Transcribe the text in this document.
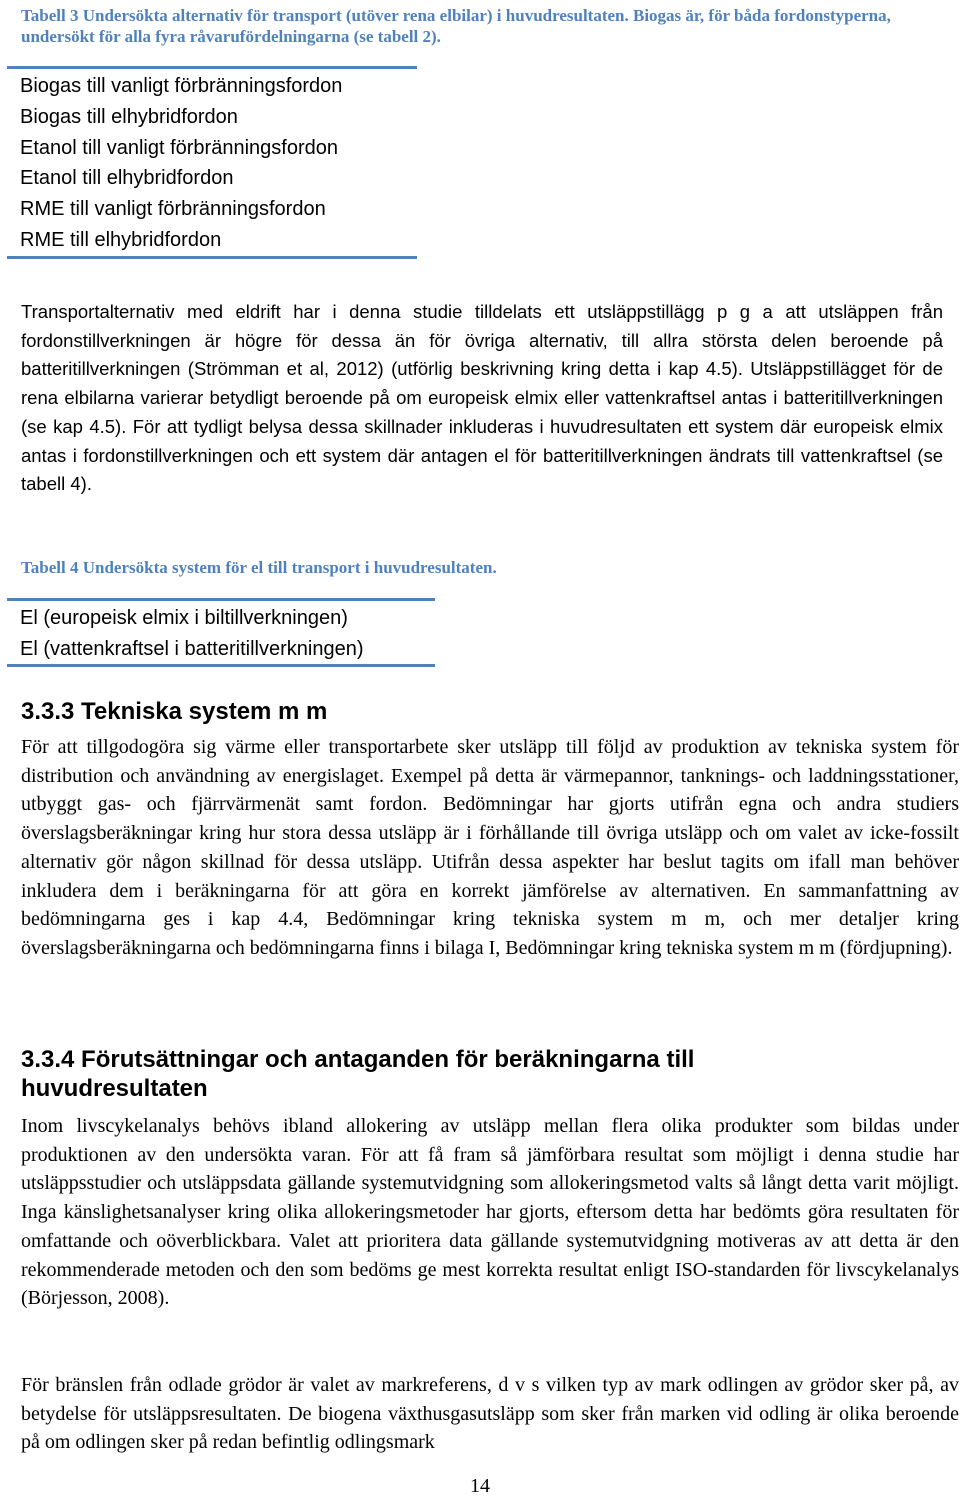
Tabell 3 Undersökta alternativ för transport (utöver rena elbilar) i huvudresultaten. Biogas är, för båda fordonstyperna, undersökt för alla fyra råvarufördelningarna (se tabell 2).

Biogas till vanligt förbränningsfordon
Biogas till elhybridfordon
Etanol till vanligt förbränningsfordon
Etanol till elhybridfordon
RME till vanligt förbränningsfordon
RME till elhybridfordon

Transportalternativ med eldrift har i denna studie tilldelats ett utsläppstillägg p g a att utsläppen från fordonstillverkningen är högre för dessa än för övriga alternativ, till allra största delen beroende på batteritillverkningen (Strömman et al, 2012) (utförlig beskrivning kring detta i kap 4.5). Utsläppstillägget för de rena elbilarna varierar betydligt beroende på om europeisk elmix eller vattenkraftsel antas i batteritillverkningen (se kap 4.5). För att tydligt belysa dessa skillnader inkluderas i huvudresultaten ett system där europeisk elmix antas i fordonstillverkningen och ett system där antagen el för batteritillverkningen ändrats till vattenkraftsel (se tabell 4).

Tabell 4 Undersökta system för el till transport i huvudresultaten.

El (europeisk elmix i biltillverkningen)
El (vattenkraftsel i batteritillverkningen)
3.3.3 Tekniska system m m

För att tillgodogöra sig värme eller transportarbete sker utsläpp till följd av produktion av tekniska system för distribution och användning av energislaget. Exempel på detta är värmepannor, tanknings- och laddningsstationer, utbyggt gas- och fjärrvärmenät samt fordon. Bedömningar har gjorts utifrån egna och andra studiers överslagsberäkningar kring hur stora dessa utsläpp är i förhållande till övriga utsläpp och om valet av icke-fossilt alternativ gör någon skillnad för dessa utsläpp. Utifrån dessa aspekter har beslut tagits om ifall man behöver inkludera dem i beräkningarna för att göra en korrekt jämförelse av alternativen. En sammanfattning av bedömningarna ges i kap 4.4, Bedömningar kring tekniska system m m, och mer detaljer kring överslagsberäkningarna och bedömningarna finns i bilaga I, Bedömningar kring tekniska system m m (fördjupning).

3.3.4 Förutsättningar och antaganden för beräkningarna till huvudresultaten

Inom livscykelanalys behövs ibland allokering av utsläpp mellan flera olika produkter som bildas under produktionen av den undersökta varan. För att få fram så jämförbara resultat som möjligt i denna studie har utsläppsstudier och utsläppsdata gällande systemutvidgning som allokeringsmetod valts så långt detta varit möjligt. Inga känslighetsanalyser kring olika allokeringsmetoder har gjorts, eftersom detta har bedömts göra resultaten för omfattande och oöverblickbara. Valet att prioritera data gällande systemutvidgning motiveras av att detta är den rekommenderade metoden och den som bedöms ge mest korrekta resultat enligt ISO-standarden för livscykelanalys (Börjesson, 2008).

För bränslen från odlade grödor är valet av markreferens, d v s vilken typ av mark odlingen av grödor sker på, av betydelse för utsläppsresultaten. De biogena växthusgasutsläpp som sker från marken vid odling är olika beroende på om odlingen sker på redan befintlig odlingsmark

14
